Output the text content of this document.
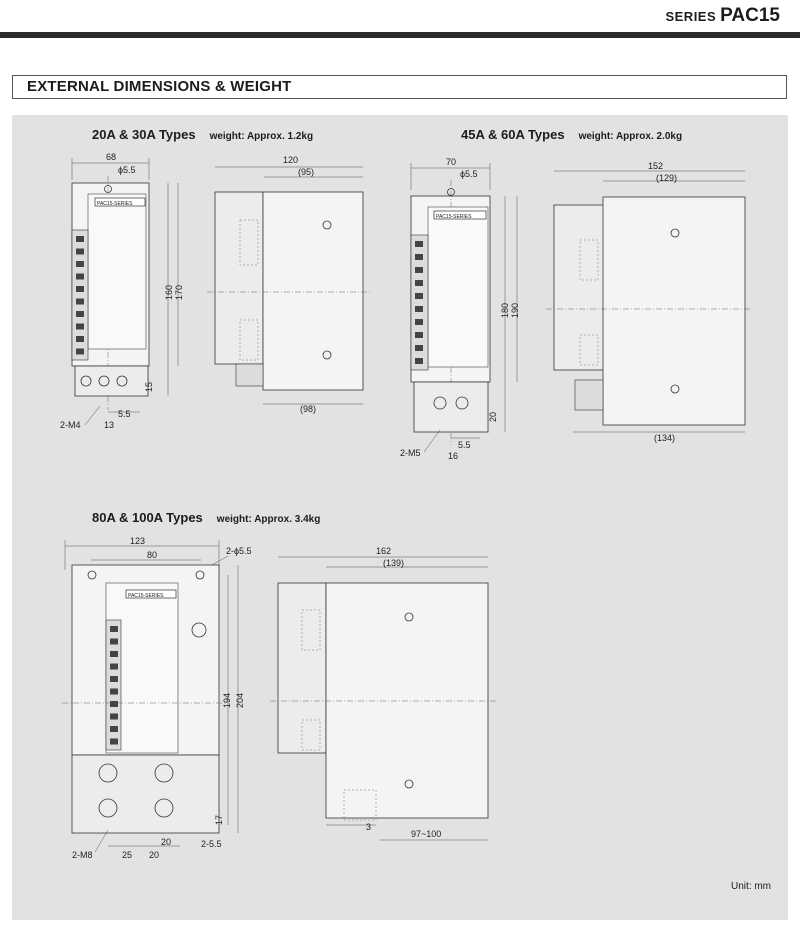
SERIES PAC15
EXTERNAL DIMENSIONS & WEIGHT
20A & 30A Types weight: Approx. 1.2kg	45A & 60A Types weight: Approx. 2.0kg
80A & 100A Types weight: Approx. 3.4kg
68
ϕ5.5
PAC15-SERIES
160 170
15
5.5
2-M4	13
120
(95)
(98)
70
ϕ5.5
PAC15-SERIES
180 190
20
5.5
2-M5	16
152
(129)
(134)
123
80	2-ϕ5.5
PAC15-SERIES
194 204
17
2-M8	25
20
20
2-5.5
162
(139)
3
97~100
Unit: mm
